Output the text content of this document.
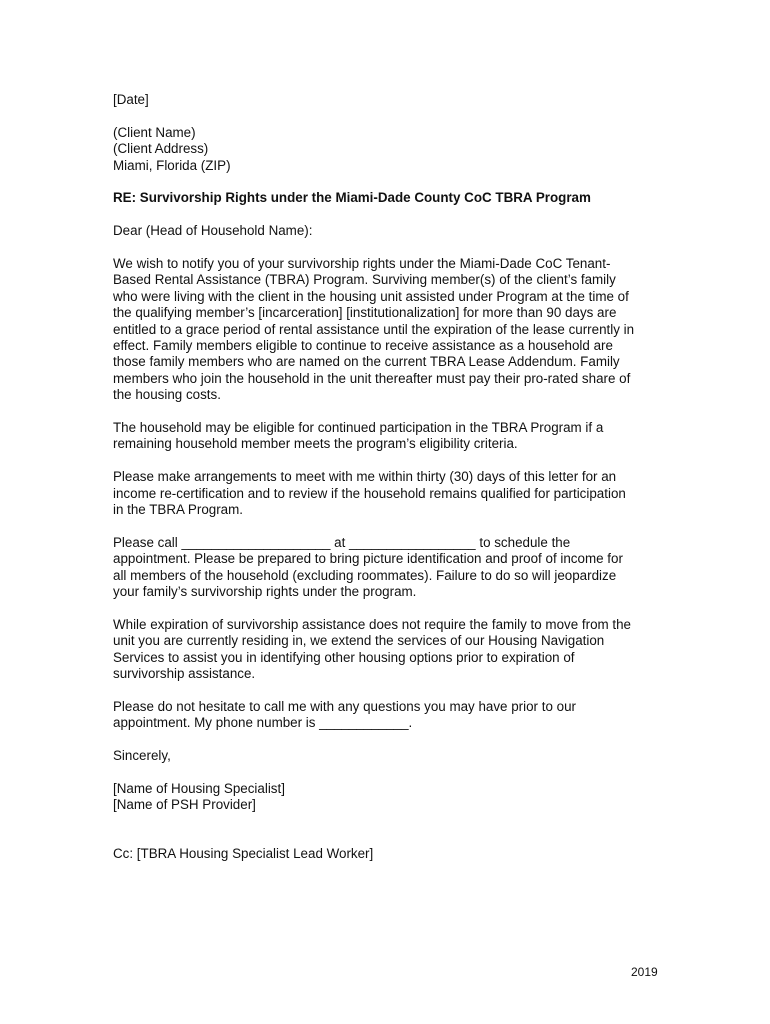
[Date]
(Client Name)
(Client Address)
Miami, Florida (ZIP)
RE: Survivorship Rights under the Miami-Dade County CoC TBRA Program
Dear (Head of Household Name):
We wish to notify you of your survivorship rights under the Miami-Dade CoC Tenant-
Based Rental Assistance (TBRA) Program. Surviving member(s) of the client’s family
who were living with the client in the housing unit assisted under Program at the time of
the qualifying member’s [incarceration] [institutionalization] for more than 90 days are
entitled to a grace period of rental assistance until the expiration of the lease currently in
effect. Family members eligible to continue to receive assistance as a household are
those family members who are named on the current TBRA Lease Addendum. Family
members who join the household in the unit thereafter must pay their pro-rated share of
the housing costs.
The household may be eligible for continued participation in the TBRA Program if a
remaining household member meets the program’s eligibility criteria.
Please make arrangements to meet with me within thirty (30) days of this letter for an
income re-certification and to review if the household remains qualified for participation
in the TBRA Program.
Please call ____________________ at _________________ to schedule the
appointment. Please be prepared to bring picture identification and proof of income for
all members of the household (excluding roommates). Failure to do so will jeopardize
your family’s survivorship rights under the program.
While expiration of survivorship assistance does not require the family to move from the
unit you are currently residing in, we extend the services of our Housing Navigation
Services to assist you in identifying other housing options prior to expiration of
survivorship assistance.
Please do not hesitate to call me with any questions you may have prior to our
appointment. My phone number is ____________.
Sincerely,
[Name of Housing Specialist]
[Name of PSH Provider]
Cc: [TBRA Housing Specialist Lead Worker]
2019
